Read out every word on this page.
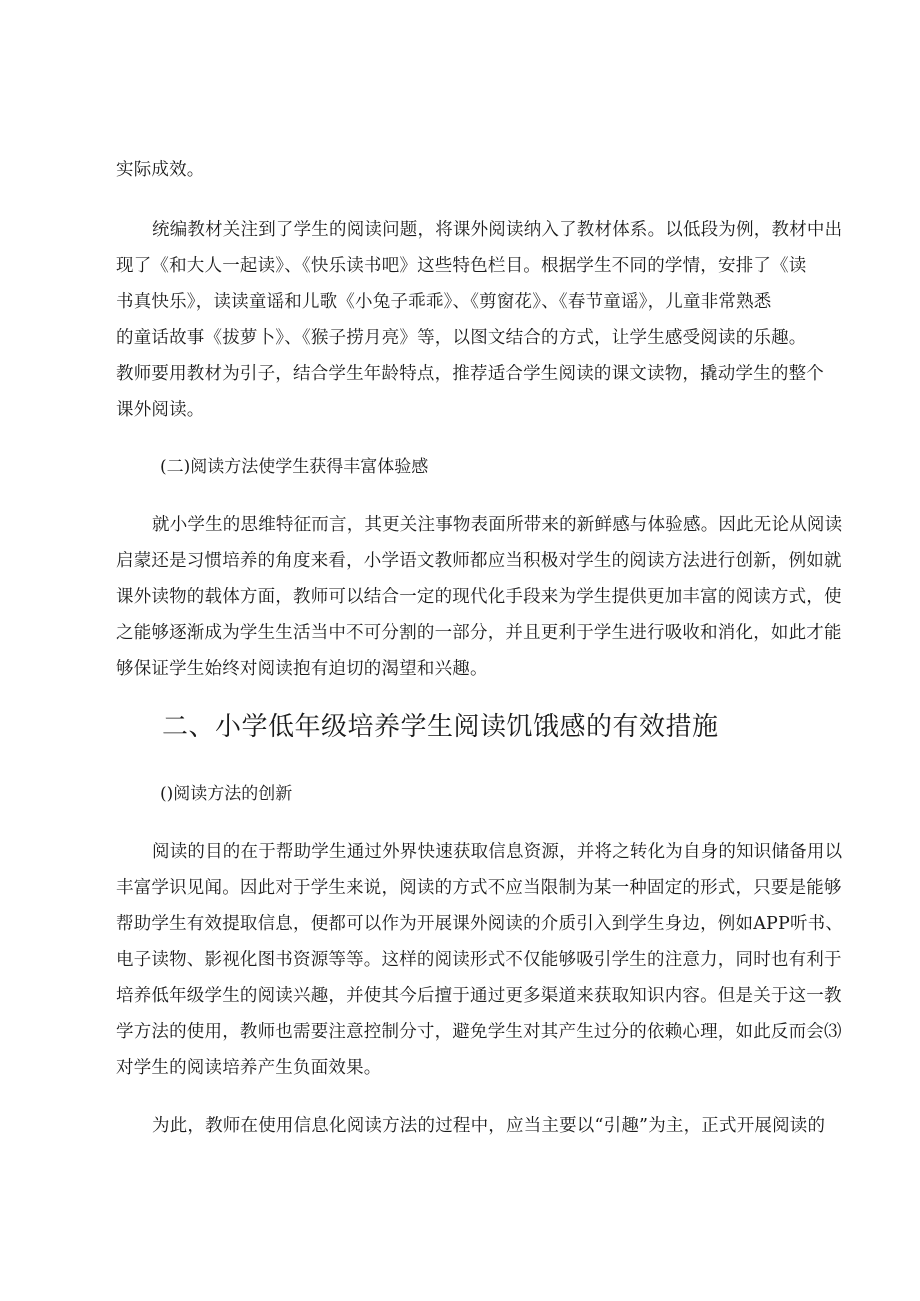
实际成效。
统编教材关注到了学生的阅读问题，将课外阅读纳入了教材体系。以低段为例，教材中出
现了《和大人一起读》、《快乐读书吧》这些特色栏目。根据学生不同的学情，安排了《读
书真快乐》，读读童谣和儿歌《小兔子乖乖》、《剪窗花》、《春节童谣》，儿童非常熟悉
的童话故事《拔萝卜》、《猴子捞月亮》等，以图文结合的方式，让学生感受阅读的乐趣。
教师要用教材为引子，结合学生年龄特点，推荐适合学生阅读的课文读物，撬动学生的整个
课外阅读。
(二)阅读方法使学生获得丰富体验感
就小学生的思维特征而言，其更关注事物表面所带来的新鲜感与体验感。因此无论从阅读
启蒙还是习惯培养的角度来看，小学语文教师都应当积极对学生的阅读方法进行创新，例如就
课外读物的载体方面，教师可以结合一定的现代化手段来为学生提供更加丰富的阅读方式，使
之能够逐渐成为学生生活当中不可分割的一部分，并且更利于学生进行吸收和消化，如此才能
够保证学生始终对阅读抱有迫切的渴望和兴趣。
二、小学低年级培养学生阅读饥饿感的有效措施
()阅读方法的创新
阅读的目的在于帮助学生通过外界快速获取信息资源，并将之转化为自身的知识储备用以
丰富学识见闻。因此对于学生来说，阅读的方式不应当限制为某一种固定的形式，只要是能够
帮助学生有效提取信息，便都可以作为开展课外阅读的介质引入到学生身边，例如APP听书、
电子读物、影视化图书资源等等。这样的阅读形式不仅能够吸引学生的注意力，同时也有利于
培养低年级学生的阅读兴趣，并使其今后擅于通过更多渠道来获取知识内容。但是关于这一教
学方法的使用，教师也需要注意控制分寸，避免学生对其产生过分的依赖心理，如此反而会⑶
对学生的阅读培养产生负面效果。
为此，教师在使用信息化阅读方法的过程中，应当主要以“引趣”为主，正式开展阅读的
